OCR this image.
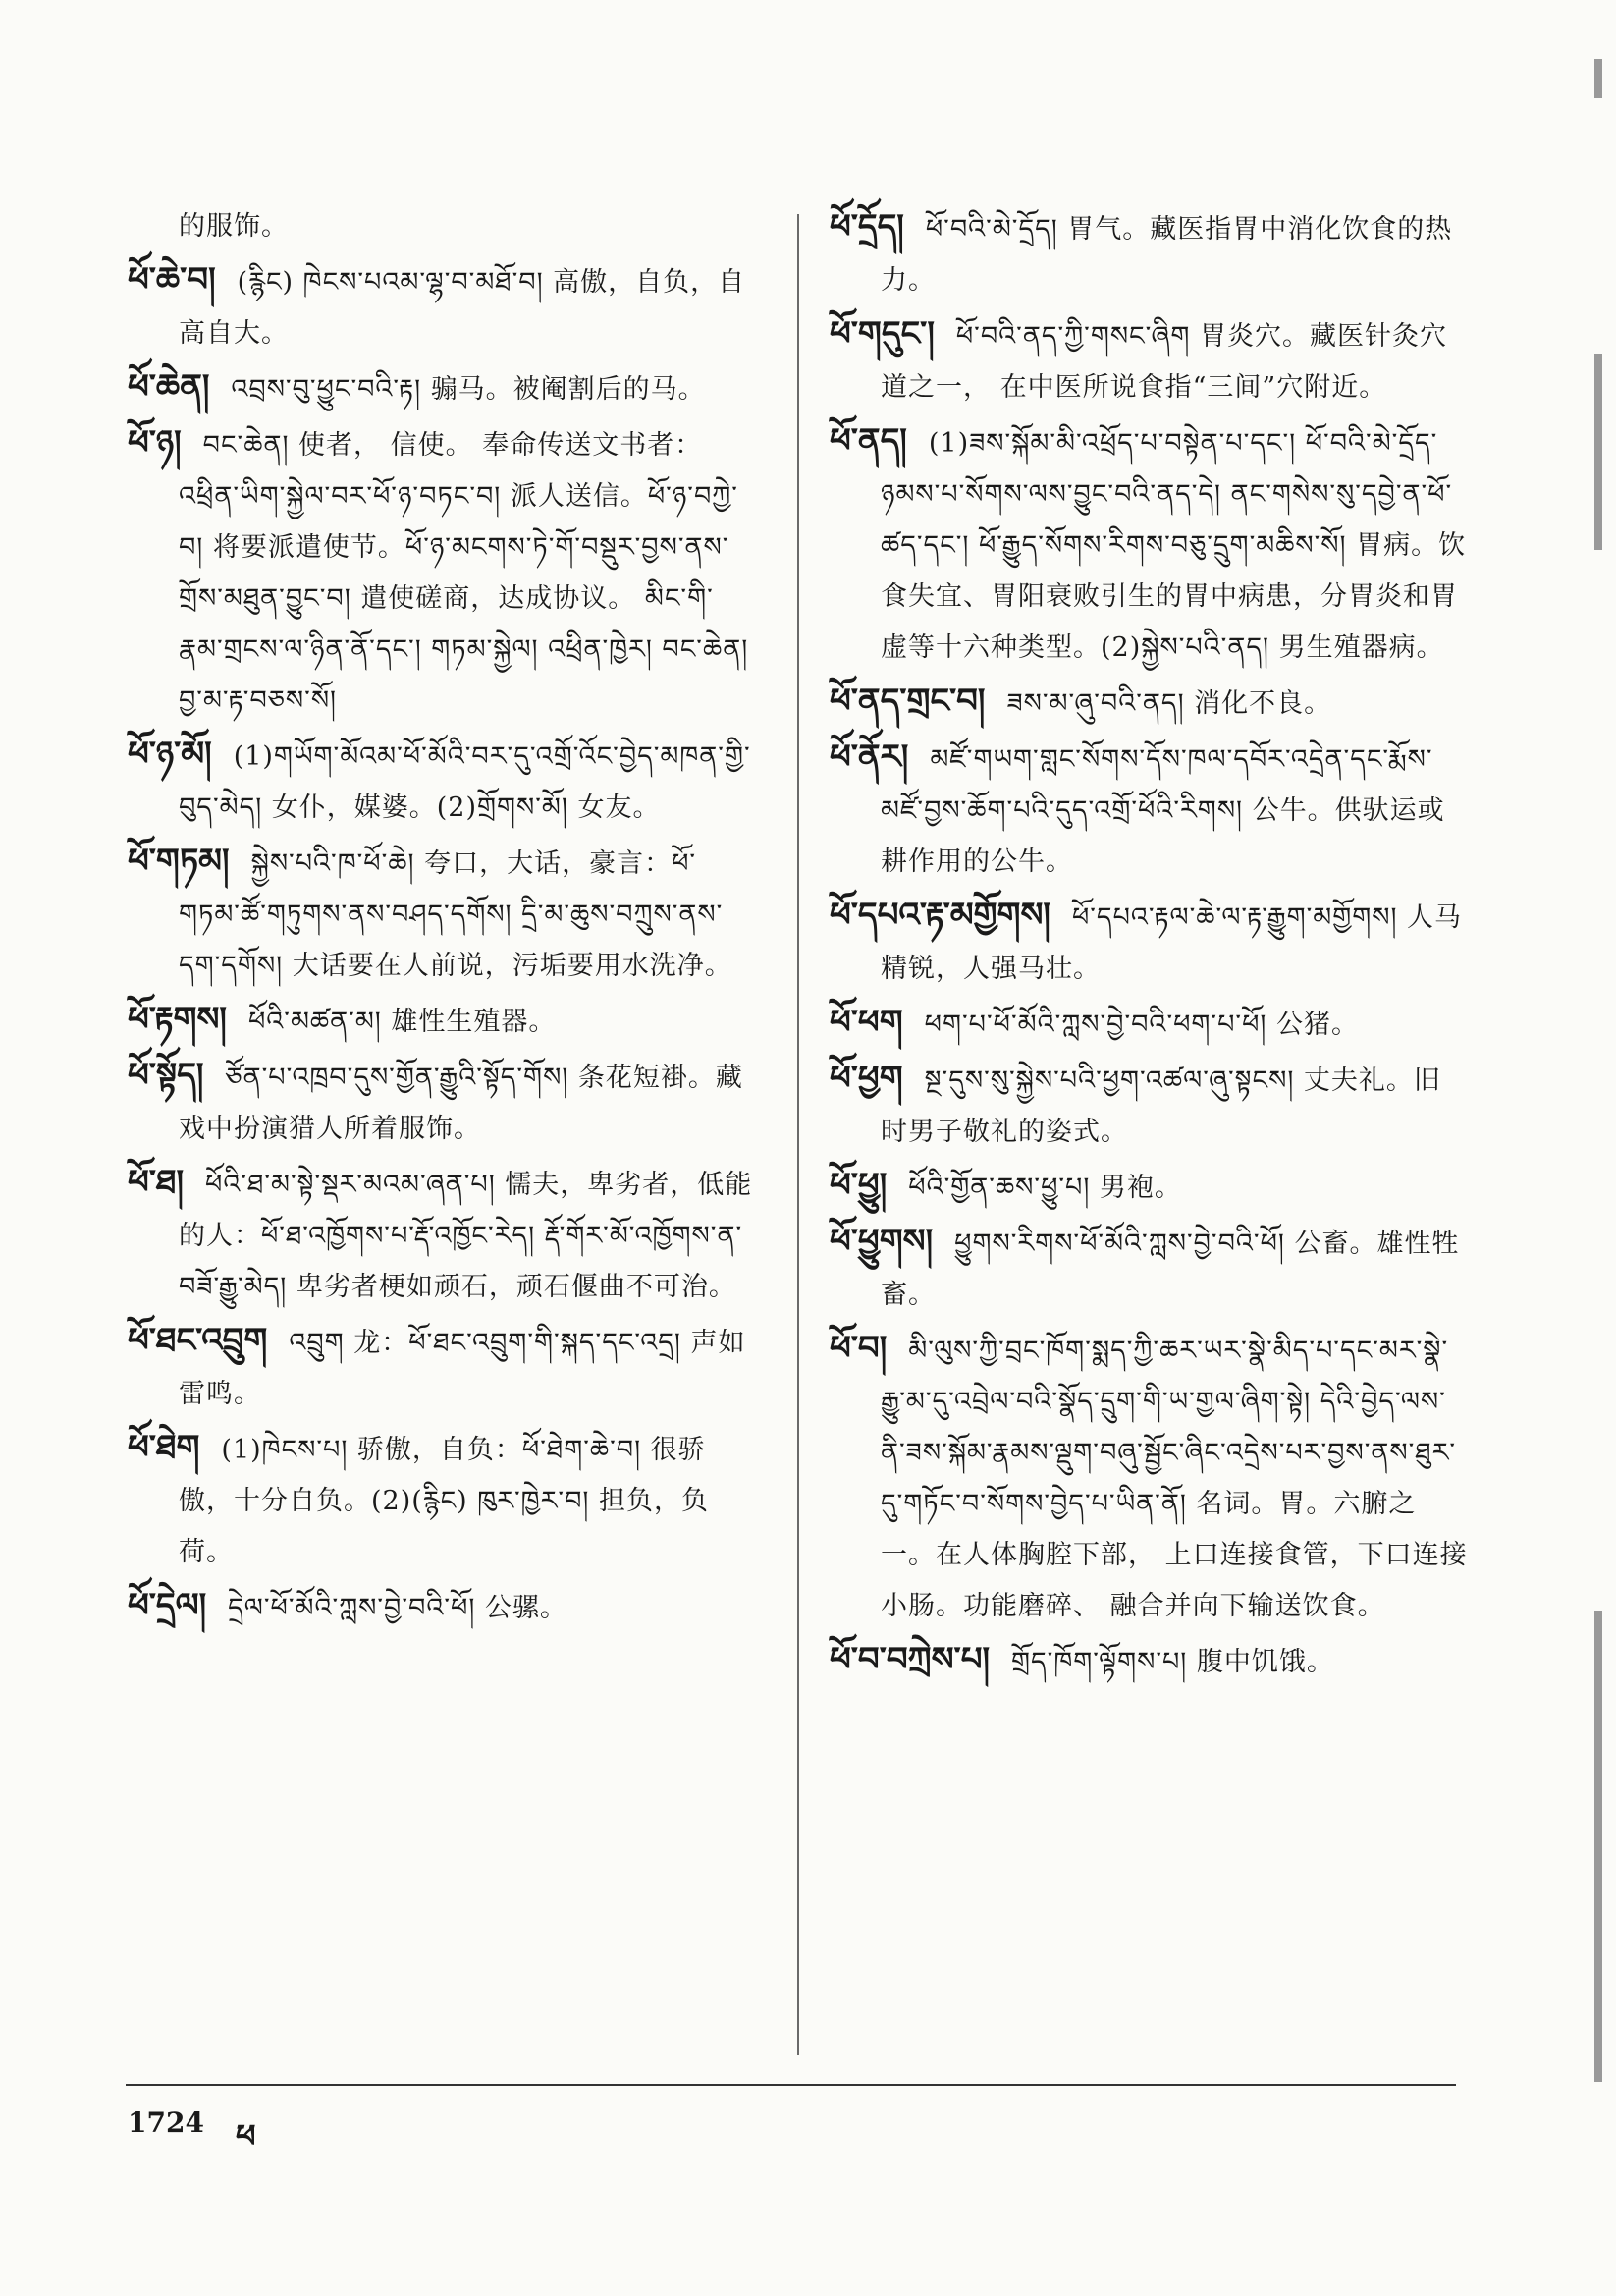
的服饰。
ཕོ་ཆེ་བ། (རྙིང) ཁེངས་པའམ་ལྷ་བ་མཐོ་བ། 高傲，自负，自高自大。
ཕོ་ཆེན། འབྲས་བུ་ཕྱུང་བའི་རྟ། 骟马。被阉割后的马。
ཕོ་ཉ། བང་ཆེན། 使者， 信使。 奉命传送文书者：འཕྲིན་ཡིག་སྐྱེལ་བར་ཕོ་ཉ་བཏང་བ། 派人送信。ཕོ་ཉ་བཀྱེ་བ། 将要派遣使节。ཕོ་ཉ་མངགས་ཏེ་གོ་བསྡུར་བྱས་ནས་གྲོས་མཐུན་བྱུང་བ། 遣使磋商，达成协议。 མིང་གི་རྣམ་གྲངས་ལ་ཉིན་ནོ་དང་། གཏམ་སྐྱེལ། འཕྲིན་ཁྱེར། བང་ཆེན། བྱ་མ་རྟ་བཅས་སོ།
ཕོ་ཉ་མོ། (1)གཡོག་མོའམ་ཕོ་མོའི་བར་དུ་འགྲོ་འོང་བྱེད་མཁན་གྱི་བུད་མེད། 女仆，媒婆。(2)གྲོགས་མོ། 女友。
ཕོ་གཏམ། སྐྱེས་པའི་ཁ་ཕོ་ཆེ། 夸口，大话，豪言：ཕོ་གཏམ་ཚོ་གཏུགས་ནས་བཤད་དགོས། དྲི་མ་ཆུས་བཀྲུས་ནས་དག་དགོས། 大话要在人前说，污垢要用水洗净。
ཕོ་རྟགས། ཕོའི་མཚན་མ། 雄性生殖器。
ཕོ་སྟོད། ཙོན་པ་འཁྲབ་དུས་གྱོན་རྒྱུའི་སྟོད་གོས། 条花短褂。藏戏中扮演猎人所着服饰。
ཕོ་ཐ། ཕོའི་ཐ་མ་སྟེ་སྡར་མའམ་ཞན་པ། 懦夫，卑劣者，低能的人：ཕོ་ཐ་འཁྱོགས་པ་རྡོ་འཁྱོང་རེད། རྡོ་གོར་མོ་འཁྱོགས་ན་བཟོ་རྒྱུ་མེད། 卑劣者梗如顽石，顽石偃曲不可治。
ཕོ་ཐང་འབྲུག འབྲུག 龙：ཕོ་ཐང་འབྲུག་གི་སྐད་དང་འདྲ། 声如雷鸣。
ཕོ་ཐེག (1)ཁེངས་པ། 骄傲，自负：ཕོ་ཐེག་ཆེ་བ། 很骄傲，十分自负。(2)(རྙིང) ཁུར་ཁྱེར་བ། 担负，负荷。
ཕོ་དྲེལ། དྲེལ་ཕོ་མོའི་ཀླས་བྱེ་བའི་ཕོ། 公骡。
ཕོ་དྲོད། ཕོ་བའི་མེ་དྲོད། 胃气。藏医指胃中消化饮食的热力。
ཕོ་གདུང་། ཕོ་བའི་ནད་ཀྱི་གསང་ཞིག 胃炎穴。藏医针灸穴道之一， 在中医所说食指“三间”穴附近。
ཕོ་ནད། (1)ཟས་སྐོམ་མི་འཕྲོད་པ་བསྟེན་པ་དང་། ཕོ་བའི་མེ་དྲོད་ཉམས་པ་སོགས་ལས་བྱུང་བའི་ནད་དེ། ནང་གསེས་སུ་དབྱེ་ན་ཕོ་ཚད་དང་། ཕོ་རྒྱུད་སོགས་རིགས་བཅུ་དྲུག་མཆིས་སོ། 胃病。饮食失宜、胃阳衰败引生的胃中病患，分胃炎和胃虚等十六种类型。(2)སྐྱེས་པའི་ནད། 男生殖器病。
ཕོ་ནད་གྲང་བ། ཟས་མ་ཞུ་བའི་ནད། 消化不良。
ཕོ་ནོར། མཛོ་གཡག་གླང་སོགས་དོས་ཁལ་དབོར་འདྲེན་དང་རྨོས་མཛོ་བྱས་ཆོག་པའི་དུད་འགྲོ་ཕོའི་རིགས། 公牛。供驮运或耕作用的公牛。
ཕོ་དཔའ་རྟ་མགྱོགས། ཕོ་དཔའ་རྟལ་ཆེ་ལ་རྟ་རྒྱུག་མགྱོགས། 人马精锐，人强马壮。
ཕོ་ཕག ཕག་པ་ཕོ་མོའི་ཀླས་བྱེ་བའི་ཕག་པ་ཕོ། 公猪。
ཕོ་ཕྱག སྔ་དུས་སུ་སྐྱེས་པའི་ཕྱག་འཚལ་ཞུ་སྟངས། 丈夫礼。旧时男子敬礼的姿式。
ཕོ་ཕྱུ། ཕོའི་གྱོན་ཆས་ཕྱུ་པ། 男袍。
ཕོ་ཕྱུགས། ཕྱུགས་རིགས་ཕོ་མོའི་ཀླས་བྱེ་བའི་ཕོ། 公畜。雄性牲畜。
ཕོ་བ། མི་ལུས་ཀྱི་བྲང་ཁོག་སྨད་ཀྱི་ཆར་ཡར་སྣེ་མིད་པ་དང་མར་སྣེ་རྒྱུ་མ་དུ་འབྲེལ་བའི་སྣོད་དྲུག་གི་ཡ་གྱལ་ཞིག་སྟེ། དེའི་བྱེད་ལས་ནི་ཟས་སྐོམ་རྣམས་ལྡུག་བཞུ་སྦྱོང་ཞིང་འདྲེས་པར་བྱས་ནས་ཐུར་དུ་གཏོང་བ་སོགས་བྱེད་པ་ཡིན་ནོ། 名词。胃。六腑之一。在人体胸腔下部， 上口连接食管，下口连接小肠。功能磨碎、 融合并向下输送饮食。
ཕོ་བ་བཀྲེས་པ། གྲོད་ཁོག་ལྟོགས་པ། 腹中饥饿。
1724 ཕ
